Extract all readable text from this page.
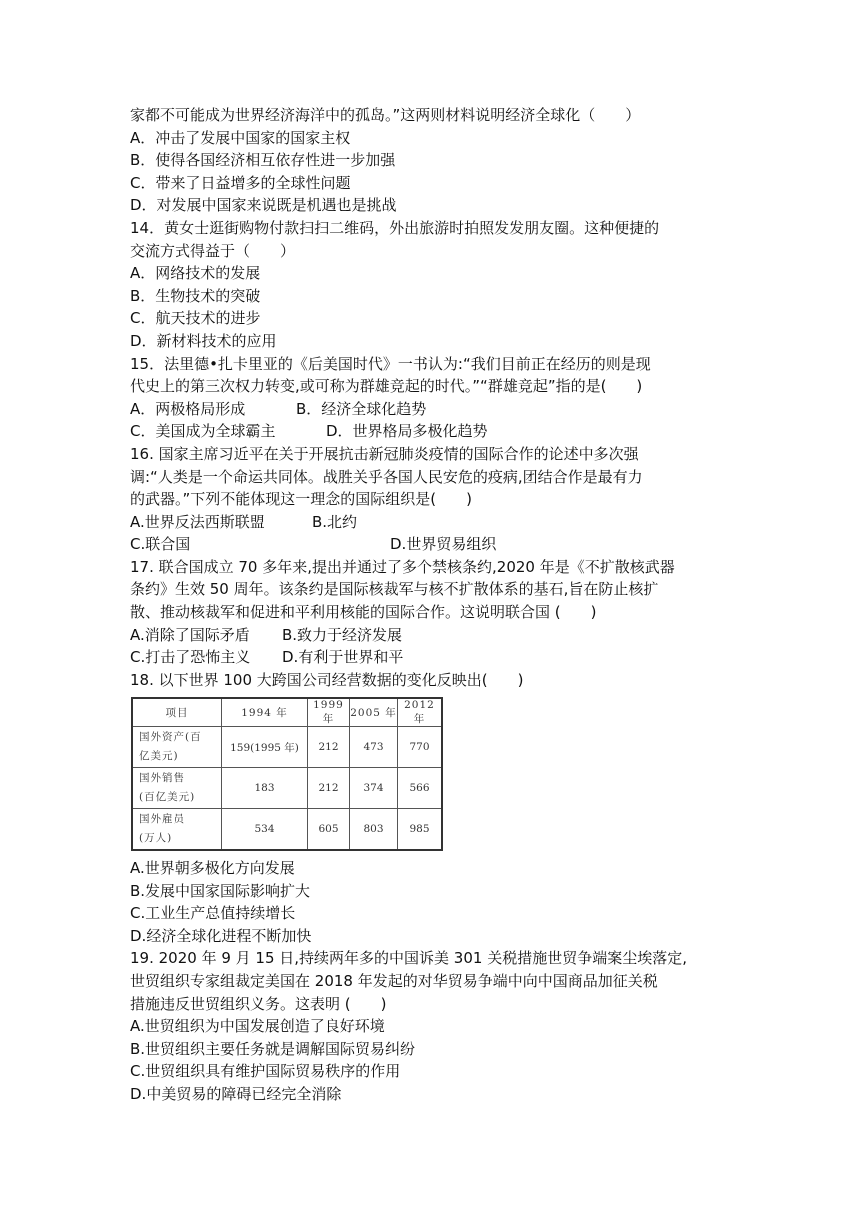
家都不可能成为世界经济海洋中的孤岛。”这两则材料说明经济全球化（　　）
A．冲击了发展中国家的国家主权
B．使得各国经济相互依存性进一步加强
C．带来了日益增多的全球性问题
D．对发展中国家来说既是机遇也是挑战
14．黄女士逛街购物付款扫扫二维码，外出旅游时拍照发发朋友圈。这种便捷的
交流方式得益于（　　）
A．网络技术的发展
B．生物技术的突破
C．航天技术的进步
D．新材料技术的应用
15．法里德•扎卡里亚的《后美国时代》一书认为:“我们目前正在经历的则是现
代史上的第三次权力转变,或可称为群雄竞起的时代。”“群雄竞起”指的是(　　)
A．两极格局形成	B．经济全球化趋势
C．美国成为全球霸主	D．世界格局多极化趋势
16. 国家主席习近平在关于开展抗击新冠肺炎疫情的国际合作的论述中多次强
调:“人类是一个命运共同体。战胜关乎各国人民安危的疫病,团结合作是最有力
的武器。”下列不能体现这一理念的国际组织是(　　)
A.世界反法西斯联盟	B.北约
C.联合国	D.世界贸易组织
17. 联合国成立 70 多年来,提出并通过了多个禁核条约,2020 年是《不扩散核武器
条约》生效 50 周年。该条约是国际核裁军与核不扩散体系的基石,旨在防止核扩
散、推动核裁军和促进和平利用核能的国际合作。这说明联合国 (　　)
A.消除了国际矛盾	B.致力于经济发展
C.打击了恐怖主义	D.有利于世界和平
18. 以下世界 100 大跨国公司经营数据的变化反映出(　　)
项目	1994 年	1999 年	2005 年	2012 年
国外资产(百
亿美元)	159(1995 年)	212	473	770
国外销售
(百亿美元)	183	212	374	566
国外雇员
(万人)	534	605	803	985
A.世界朝多极化方向发展
B.发展中国家国际影响扩大
C.工业生产总值持续增长
D.经济全球化进程不断加快
19. 2020 年 9 月 15 日,持续两年多的中国诉美 301 关税措施世贸争端案尘埃落定,
世贸组织专家组裁定美国在 2018 年发起的对华贸易争端中向中国商品加征关税
措施违反世贸组织义务。这表明 (　　)
A.世贸组织为中国发展创造了良好环境
B.世贸组织主要任务就是调解国际贸易纠纷
C.世贸组织具有维护国际贸易秩序的作用
D.中美贸易的障碍已经完全消除
